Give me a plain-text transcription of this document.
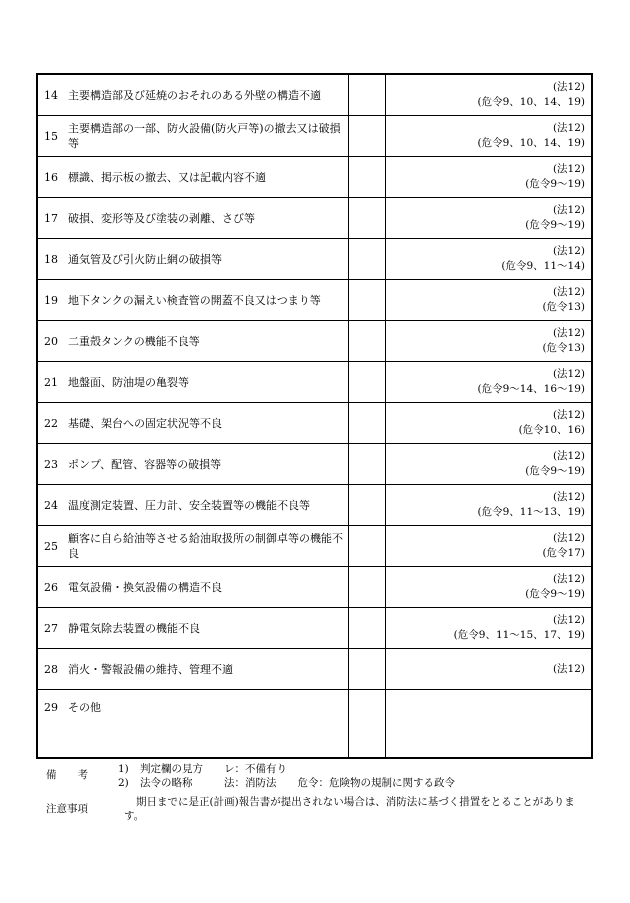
14 主要構造部及び延焼のおそれのある外壁の構造不適
(法12)
(危令9、10、14、19)
15
主要構造部の一部、防火設備(防火戸等)の撤去又は破損等
(法12)
(危令9、10、14、19)
16 標識、掲示板の撤去、又は記載内容不適
(法12)
(危令9～19)
17 破損、変形等及び塗装の剥離、さび等
(法12)
(危令9～19)
18 通気管及び引火防止網の破損等
(法12)
(危令9、11～14)
19 地下タンクの漏えい検査管の開蓋不良又はつまり等
(法12)
(危令13)
20 二重殻タンクの機能不良等
(法12)
(危令13)
21 地盤面、防油堤の亀裂等
(法12)
(危令9～14、16～19)
22 基礎、架台への固定状況等不良
(法12)
(危令10、16)
23 ポンプ、配管、容器等の破損等
(法12)
(危令9～19)
24 温度測定装置、圧力計、安全装置等の機能不良等
(法12)
(危令9、11～13、19)
25
顧客に自ら給油等させる給油取扱所の制御卓等の機能不良
(法12)
(危令17)
26 電気設備・換気設備の構造不良
(法12)
(危令9～19)
27 静電気除去装置の機能不良
(法12)
(危令9、11～15、17、19)
28 消火・警報設備の維持、管理不適	(法12)
29 その他
備　　考	1) 判定欄の見方　　レ：不備有り
2) 法令の略称　　　法：消防法　　危令：危険物の規制に関する政令
注意事項
期日までに是正(計画)報告書が提出されない場合は、消防法に基づく措置をとることがあります。
